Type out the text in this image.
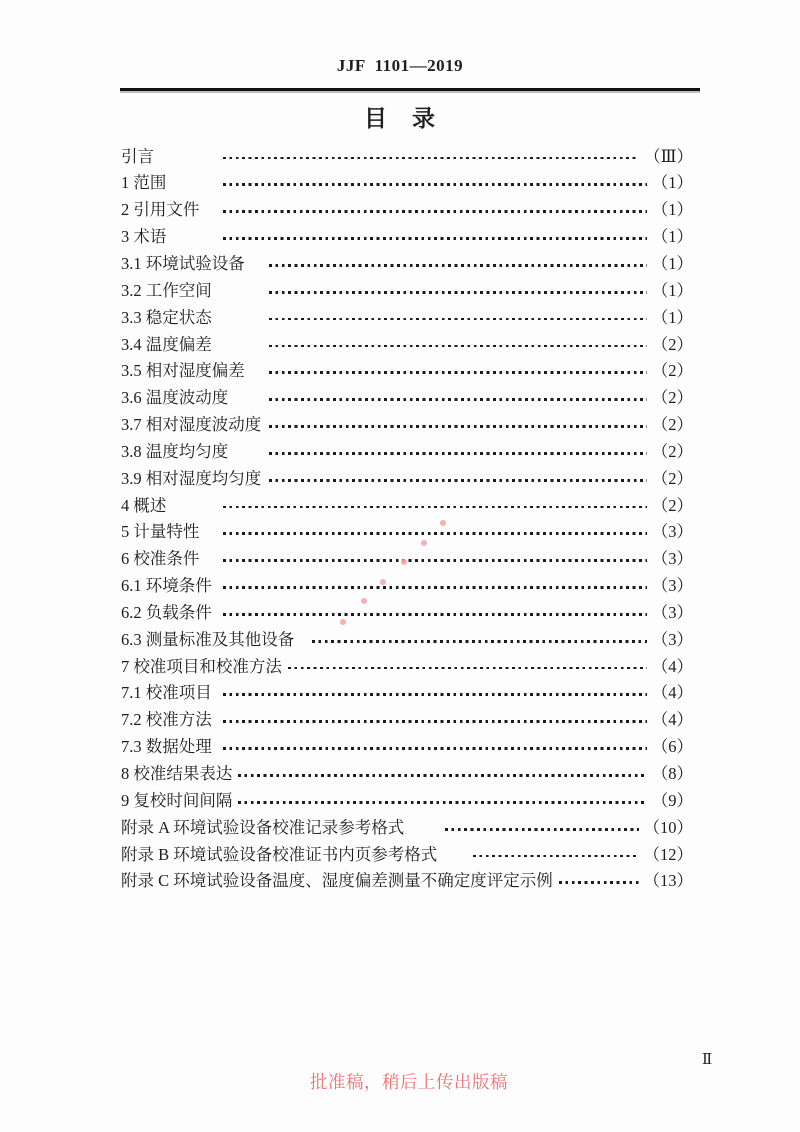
JJF  1101—2019
目　录
引言	（Ⅲ）
1 范围	（1）
2 引用文件	（1）
3 术语	（1）
3.1 环境试验设备	（1）
3.2 工作空间	（1）
3.3 稳定状态	（1）
3.4 温度偏差	（2）
3.5 相对湿度偏差	（2）
3.6 温度波动度	（2）
3.7 相对湿度波动度	（2）
3.8 温度均匀度	（2）
3.9 相对湿度均匀度	（2）
4 概述	（2）
5 计量特性	（3）
6 校准条件	（3）
6.1 环境条件	（3）
6.2 负载条件	（3）
6.3 测量标准及其他设备	（3）
7 校准项目和校准方法	（4）
7.1 校准项目	（4）
7.2 校准方法	（4）
7.3 数据处理	（6）
8 校准结果表达	（8）
9 复校时间间隔	（9）
附录 A 环境试验设备校准记录参考格式	（10）
附录 B 环境试验设备校准证书内页参考格式	（12）
附录 C 环境试验设备温度、湿度偏差测量不确定度评定示例	（13）
Ⅱ
批准稿，稍后上传出版稿
